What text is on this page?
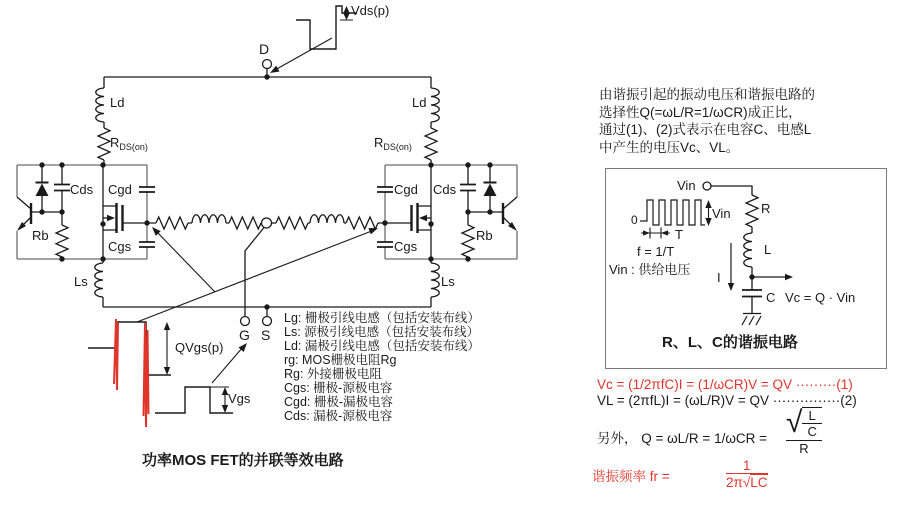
Vds(p)
D
Ld	Ld
$R_{DS(on)}$	$R_{DS(on)}$
Cds Cgd	Cds
Cgd
Rb	Rb
Cgs	Cgs
Ls	Ls
QVgs(p)
G S
Vgs
Lg: 栅极引线电感（包括安装布线）
Ls: 源极引线电感（包括安装布线）
Ld: 漏极引线电感（包括安装布线）
rg: MOS栅极电阻Rg
Rg: 外接栅极电阻
Cgs: 栅极-源极电容
Cgd: 栅极-漏极电容
Cds: 漏极-源极电容
功率MOS FET的并联等效电路
由谐振引起的振动电压和谐振电路的
选择性Q(=ωL/R=1/ωCR)成正比，
通过(1)、(2)式表示在电容C、电感L
中产生的电压Vc、VL。
Vin
R
L
C Vc = Q · Vin
I
0	Vin
T
f = 1/T
Vin : 供给电压
R、L、C的谐振电路
Vc = (1/2πfC)I = (1/ωCR)V = QV ·········(1)
VL = (2πfL)I = (ωL/R)V = QV ···············(2)
另外， Q = ωL/R = 1/ωCR = √ L
C
R
谐振频率 fr =	$\frac{1}{2\pi√LC}$
